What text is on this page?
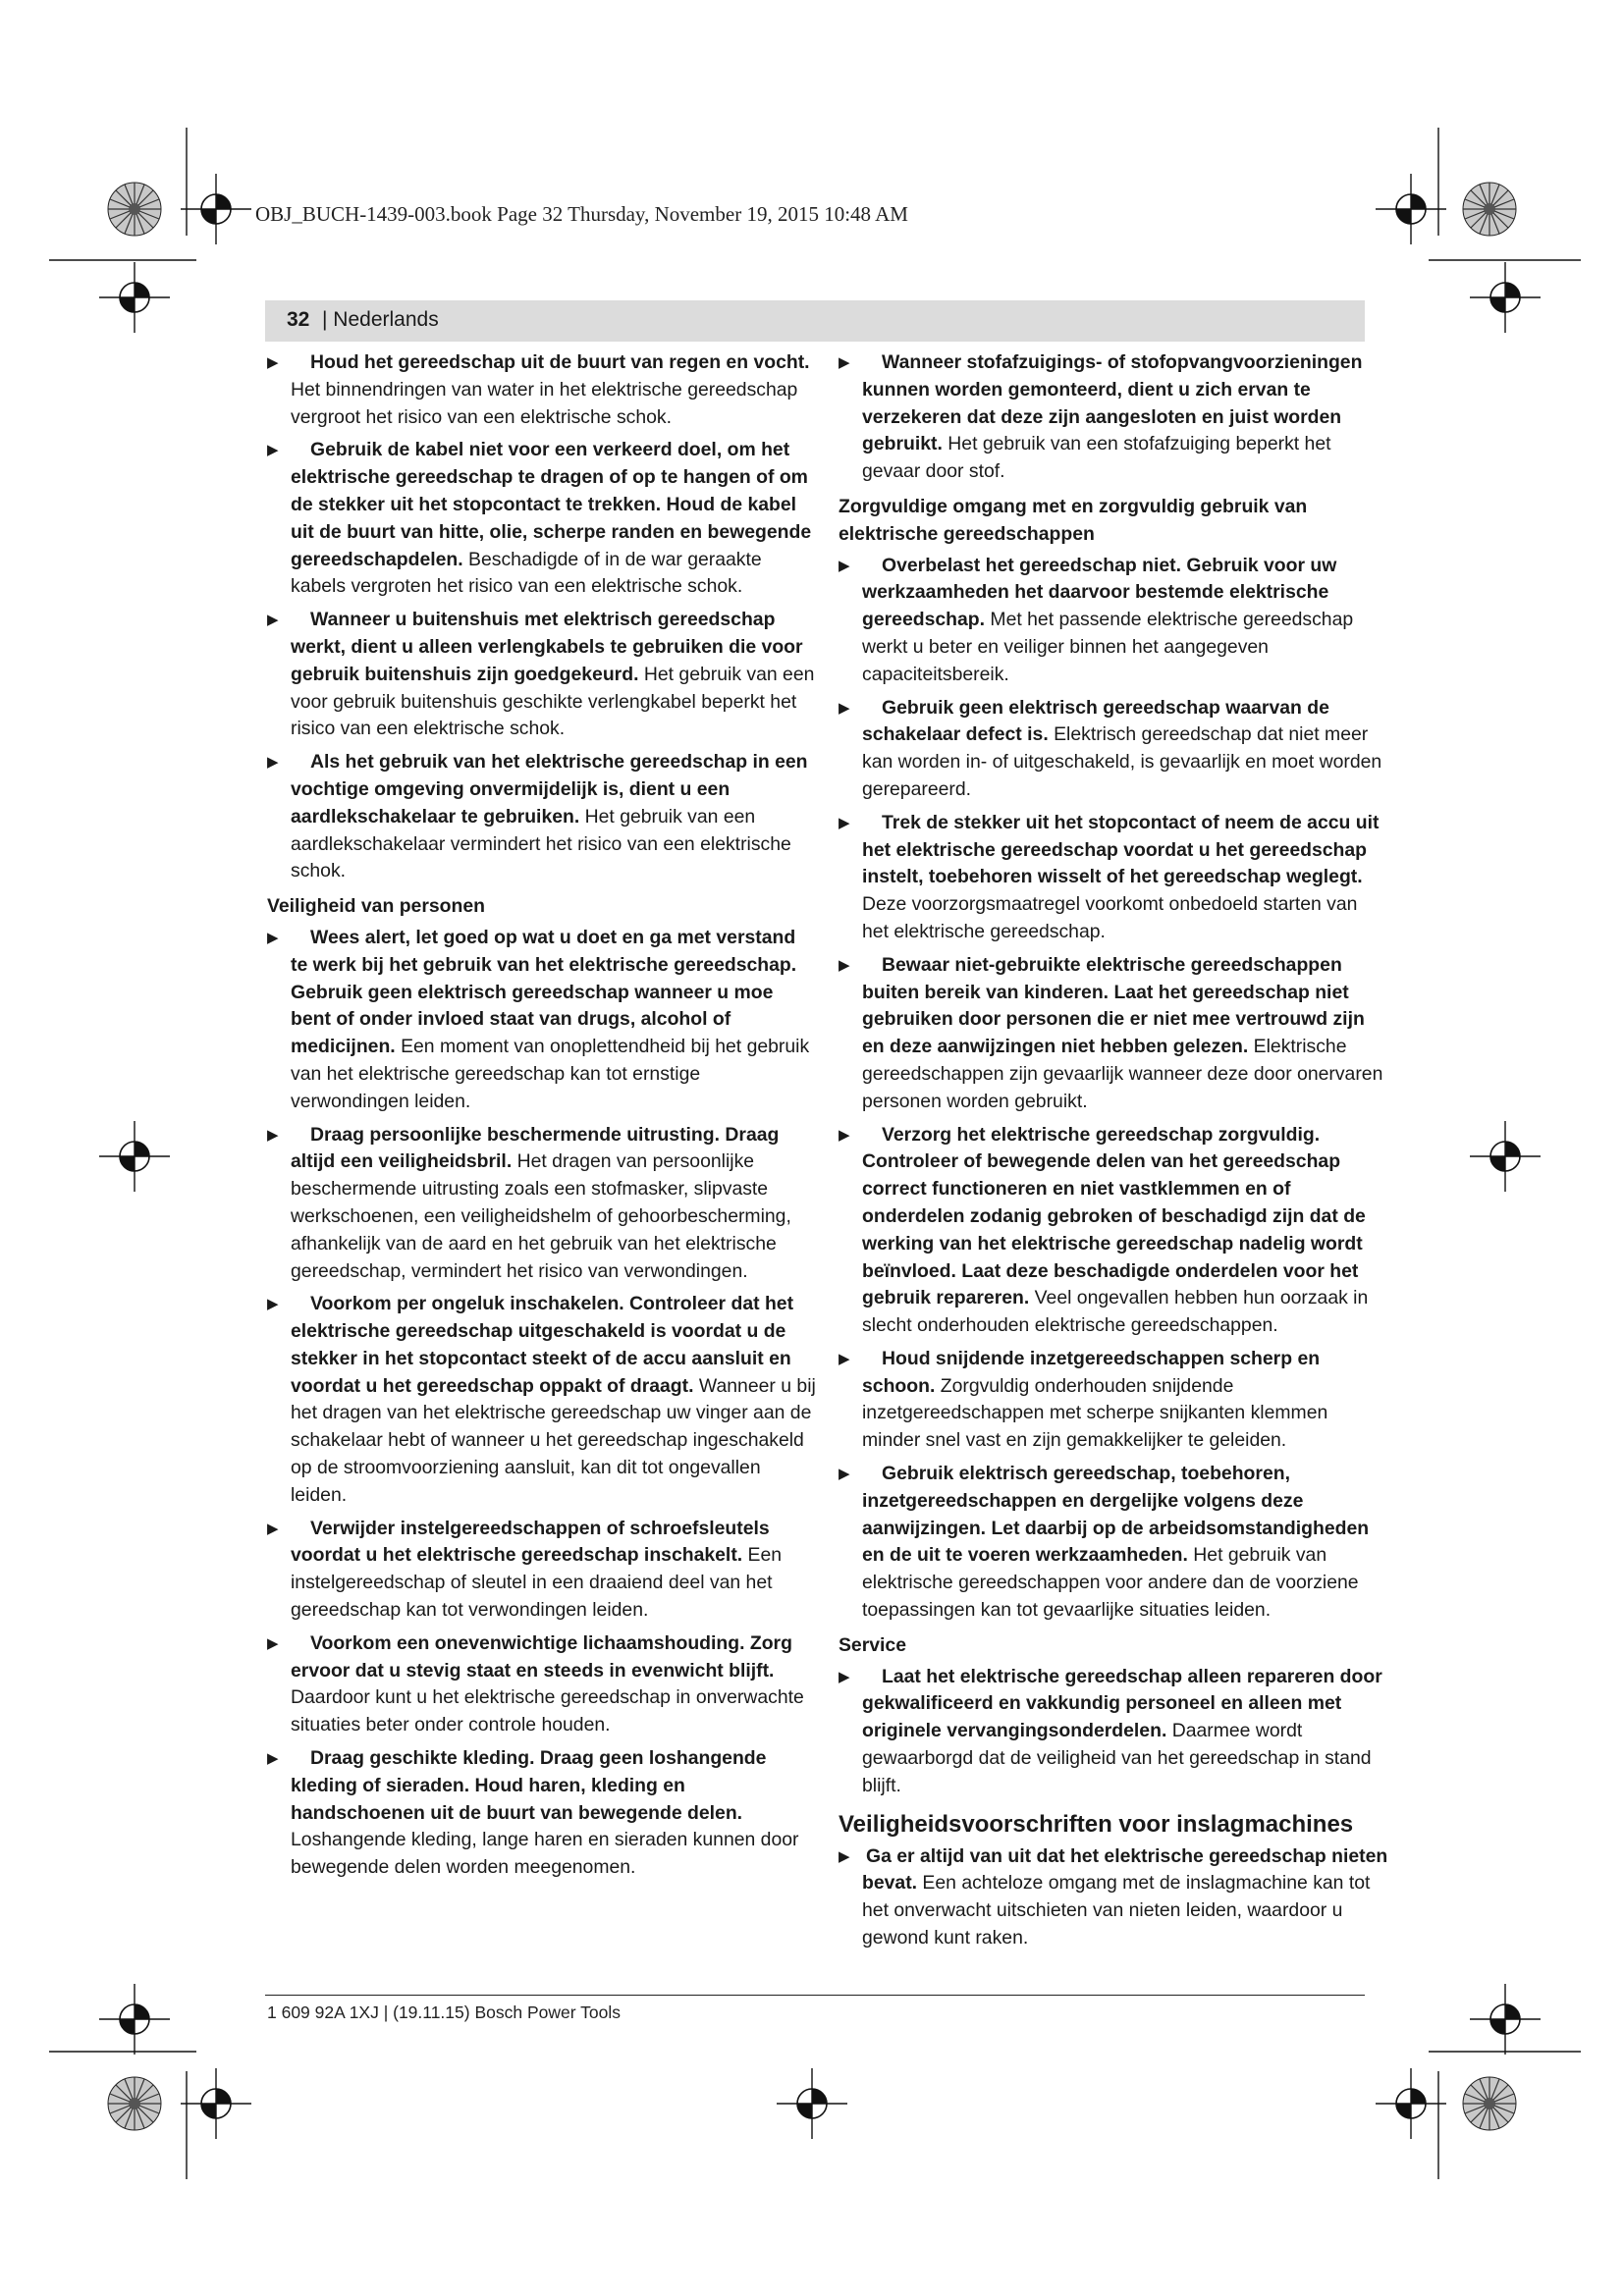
OBJ_BUCH-1439-003.book Page 32 Thursday, November 19, 2015 10:48 AM

32 | Nederlands

▶ Houd het gereedschap uit de buurt van regen en vocht. Het binnendringen van water in het elektrische gereedschap vergroot het risico van een elektrische schok.

▶ Gebruik de kabel niet voor een verkeerd doel, om het elektrische gereedschap te dragen of op te hangen of om de stekker uit het stopcontact te trekken. Houd de kabel uit de buurt van hitte, olie, scherpe randen en bewegende gereedschapdelen. Beschadigde of in de war geraakte kabels vergroten het risico van een elektrische schok.

▶ Wanneer u buitenshuis met elektrisch gereedschap werkt, dient u alleen verlengkabels te gebruiken die voor gebruik buitenshuis zijn goedgekeurd. Het gebruik van een voor gebruik buitenshuis geschikte verlengkabel beperkt het risico van een elektrische schok.

▶ Als het gebruik van het elektrische gereedschap in een vochtige omgeving onvermijdelijk is, dient u een aardlekschakelaar te gebruiken. Het gebruik van een aardlekschakelaar vermindert het risico van een elektrische schok.

Veiligheid van personen

▶ Wees alert, let goed op wat u doet en ga met verstand te werk bij het gebruik van het elektrische gereedschap. Gebruik geen elektrisch gereedschap wanneer u moe bent of onder invloed staat van drugs, alcohol of medicijnen. Een moment van onoplettendheid bij het gebruik van het elektrische gereedschap kan tot ernstige verwondingen leiden.

▶ Draag persoonlijke beschermende uitrusting. Draag altijd een veiligheidsbril. Het dragen van persoonlijke beschermende uitrusting zoals een stofmasker, slipvaste werkschoenen, een veiligheidshelm of gehoorbescherming, afhankelijk van de aard en het gebruik van het elektrische gereedschap, vermindert het risico van verwondingen.

▶ Voorkom per ongeluk inschakelen. Controleer dat het elektrische gereedschap uitgeschakeld is voordat u de stekker in het stopcontact steekt of de accu aansluit en voordat u het gereedschap oppakt of draagt. Wanneer u bij het dragen van het elektrische gereedschap uw vinger aan de schakelaar hebt of wanneer u het gereedschap ingeschakeld op de stroomvoorziening aansluit, kan dit tot ongevallen leiden.

▶ Verwijder instelgereedschappen of schroefsleutels voordat u het elektrische gereedschap inschakelt. Een instelgereedschap of sleutel in een draaiend deel van het gereedschap kan tot verwondingen leiden.

▶ Voorkom een onevenwichtige lichaamshouding. Zorg ervoor dat u stevig staat en steeds in evenwicht blijft. Daardoor kunt u het elektrische gereedschap in onverwachte situaties beter onder controle houden.

▶ Draag geschikte kleding. Draag geen loshangende kleding of sieraden. Houd haren, kleding en handschoenen uit de buurt van bewegende delen. Loshangende kleding, lange haren en sieraden kunnen door bewegende delen worden meegenomen.

▶ Wanneer stofafzuigings- of stofopvangvoorzieningen kunnen worden gemonteerd, dient u zich ervan te verzekeren dat deze zijn aangesloten en juist worden gebruikt. Het gebruik van een stofafzuiging beperkt het gevaar door stof.

Zorgvuldige omgang met en zorgvuldig gebruik van elektrische gereedschappen

▶ Overbelast het gereedschap niet. Gebruik voor uw werkzaamheden het daarvoor bestemde elektrische gereedschap. Met het passende elektrische gereedschap werkt u beter en veiliger binnen het aangegeven capaciteitsbereik.

▶ Gebruik geen elektrisch gereedschap waarvan de schakelaar defect is. Elektrisch gereedschap dat niet meer kan worden in- of uitgeschakeld, is gevaarlijk en moet worden gerepareerd.

▶ Trek de stekker uit het stopcontact of neem de accu uit het elektrische gereedschap voordat u het gereedschap instelt, toebehoren wisselt of het gereedschap weglegt. Deze voorzorgsmaatregel voorkomt onbedoeld starten van het elektrische gereedschap.

▶ Bewaar niet-gebruikte elektrische gereedschappen buiten bereik van kinderen. Laat het gereedschap niet gebruiken door personen die er niet mee vertrouwd zijn en deze aanwijzingen niet hebben gelezen. Elektrische gereedschappen zijn gevaarlijk wanneer deze door onervaren personen worden gebruikt.

▶ Verzorg het elektrische gereedschap zorgvuldig. Controleer of bewegende delen van het gereedschap correct functioneren en niet vastklemmen en of onderdelen zodanig gebroken of beschadigd zijn dat de werking van het elektrische gereedschap nadelig wordt beïnvloed. Laat deze beschadigde onderdelen voor het gebruik repareren. Veel ongevallen hebben hun oorzaak in slecht onderhouden elektrische gereedschappen.

▶ Houd snijdende inzetgereedschappen scherp en schoon. Zorgvuldig onderhouden snijdende inzetgereedschappen met scherpe snijkanten klemmen minder snel vast en zijn gemakkelijker te geleiden.

▶ Gebruik elektrisch gereedschap, toebehoren, inzetgereedschappen en dergelijke volgens deze aanwijzingen. Let daarbij op de arbeidsomstandigheden en de uit te voeren werkzaamheden. Het gebruik van elektrische gereedschappen voor andere dan de voorziene toepassingen kan tot gevaarlijke situaties leiden.

Service

▶ Laat het elektrische gereedschap alleen repareren door gekwalificeerd en vakkundig personeel en alleen met originele vervangingsonderdelen. Daarmee wordt gewaarborgd dat de veiligheid van het gereedschap in stand blijft.

Veiligheidsvoorschriften voor inslagmachines

▶ Ga er altijd van uit dat het elektrische gereedschap nieten bevat. Een achteloze omgang met de inslagmachine kan tot het onverwacht uitschieten van nieten leiden, waardoor u gewond kunt raken.

1 609 92A 1XJ | (19.11.15) Bosch Power Tools
